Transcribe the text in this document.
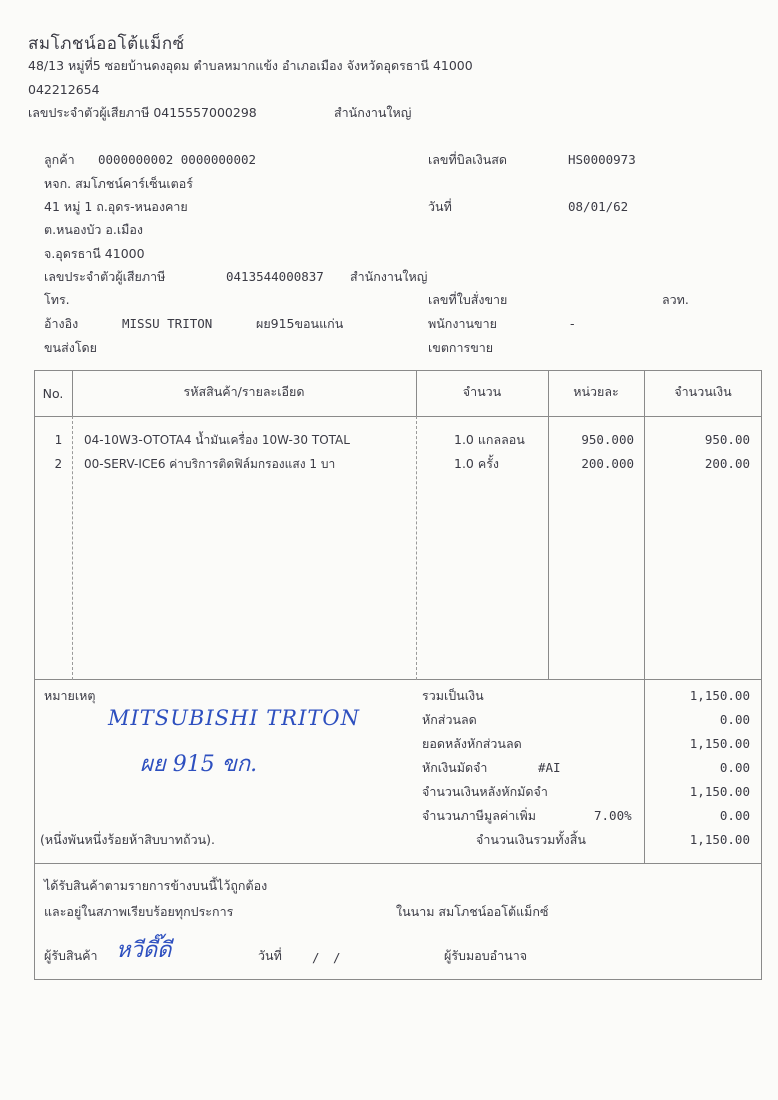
สมโภชน์ออโต้แม็กซ์
48/13 หมู่ที่5 ซอยบ้านดงอุดม ตำบลหมากแข้ง อำเภอเมือง จังหวัดอุดรธานี 41000
042212654
เลขประจำตัวผู้เสียภาษี 0415557000298	สำนักงานใหญ่
ลูกค้า 0000000002 0000000002
หจก. สมโภชน์คาร์เซ็นเตอร์
41 หมู่ 1 ถ.อุดร-หนองคาย
ต.หนองบัว อ.เมือง
จ.อุดรธานี 41000
เลขประจำตัวผู้เสียภาษี	0413544000837 สำนักงานใหญ่
โทร.
อ้างอิง	MISSU TRITON	ผย915ขอนแก่น
ขนส่งโดย
เลขที่บิลเงินสด	HS0000973
วันที่	08/01/62
เลขที่ใบสั่งขาย	ลวท.
พนักงานขาย	-
เขตการขาย
No.	รหัสสินค้า/รายละเอียด	จำนวน	หน่วยละ	จำนวนเงิน
1 04-10W3-OTOTA4 น้ำมันเครื่อง 10W-30 TOTAL	1.0 แกลลอน	950.000	950.00
2 00-SERV-ICE6 ค่าบริการติดฟิล์มกรองแสง 1 บา	1.0 ครั้ง	200.000	200.00
หมายเหตุ
MITSUBISHI TRITON
ผย 915 ขก.
(หนึ่งพันหนึ่งร้อยห้าสิบบาทถ้วน).
รวมเป็นเงิน	1,150.00
หักส่วนลด	0.00
ยอดหลังหักส่วนลด	1,150.00
หักเงินมัดจำ	#AI	0.00
จำนวนเงินหลังหักมัดจำ	1,150.00
จำนวนภาษีมูลค่าเพิ่ม	7.00%	0.00
จำนวนเงินรวมทั้งสิ้น	1,150.00
ได้รับสินค้าตามรายการข้างบนนี้ไว้ถูกต้อง
และอยู่ในสภาพเรียบร้อยทุกประการ	ในนาม สมโภชน์ออโต้แม็กซ์
ผู้รับสินค้า หวีดี๊ดี	วันที่ / /	ผู้รับมอบอำนาจ
